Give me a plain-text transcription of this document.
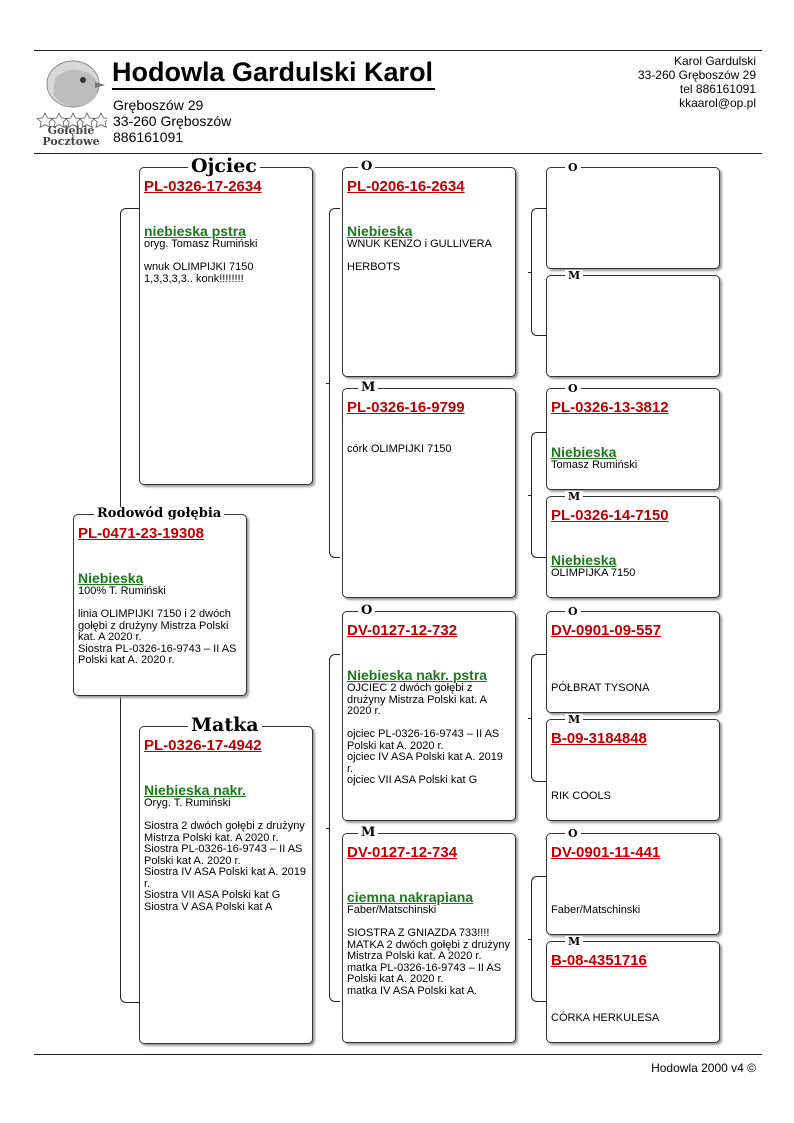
Gołębie
Pocztowe
Hodowla Gardulski Karol
Gręboszów 29
33-260 Gręboszów
886161091
Karol Gardulski
33-260 Gręboszów 29
tel 886161091
kkaarol@op.pl
PL-0326-17-2634
niebieska pstra
oryg. Tomasz Rumiński

wnuk OLIMPIJKI 7150
1,3,3,3,3.. konk!!!!!!!!
Ojciec
PL-0471-23-19308
Niebieska
100% T. Rumiński

linia OLIMPIJKI 7150 i 2 dwóch gołębi z drużyny Mistrza Polski kat. A 2020 r.
Siostra PL-0326-16-9743 – II AS Polski kat A. 2020 r.
Rodowód gołębia
PL-0326-17-4942
Niebieska nakr.
Oryg. T. Rumiński

Siostra 2 dwóch gołębi z drużyny Mistrza Polski kat. A 2020 r.
Siostra PL-0326-16-9743 – II AS Polski kat A. 2020 r.
Siostra IV ASA Polski kat A. 2019 r.
Siostra VII ASA Polski kat G
Siostra V ASA Polski kat A
Matka
PL-0206-16-2634
Niebieska
WNUK KENZO i GULLIVERA

HERBOTS
O
PL-0326-16-9799
córk OLIMPIJKI 7150
M
DV-0127-12-732
Niebieska nakr. pstra
OJCIEC 2 dwóch gołębi z drużyny Mistrza Polski kat. A 2020 r.

ojciec PL-0326-16-9743 – II AS Polski kat A. 2020 r.
ojciec IV ASA Polski kat A. 2019 r.
ojciec VII ASA Polski kat G
O
DV-0127-12-734
ciemna nakrapiana
Faber/Matschinski

SIOSTRA Z GNIAZDA 733!!!!
MATKA 2 dwóch gołębi z drużyny Mistrza Polski kat. A 2020 r.
matka PL-0326-16-9743 – II AS Polski kat A. 2020 r.
matka IV ASA Polski kat A.
M
O
M
PL-0326-13-3812
Niebieska
Tomasz Rumiński
O
PL-0326-14-7150
Niebieska
OLIMPIJKA 7150
M
DV-0901-09-557
PÓŁBRAT TYSONA
O
B-09-3184848
RIK COOLS
M
DV-0901-11-441
Faber/Matschinski
O
B-08-4351716
CÓRKA HERKULESA
M
Hodowla 2000 v4 ©
